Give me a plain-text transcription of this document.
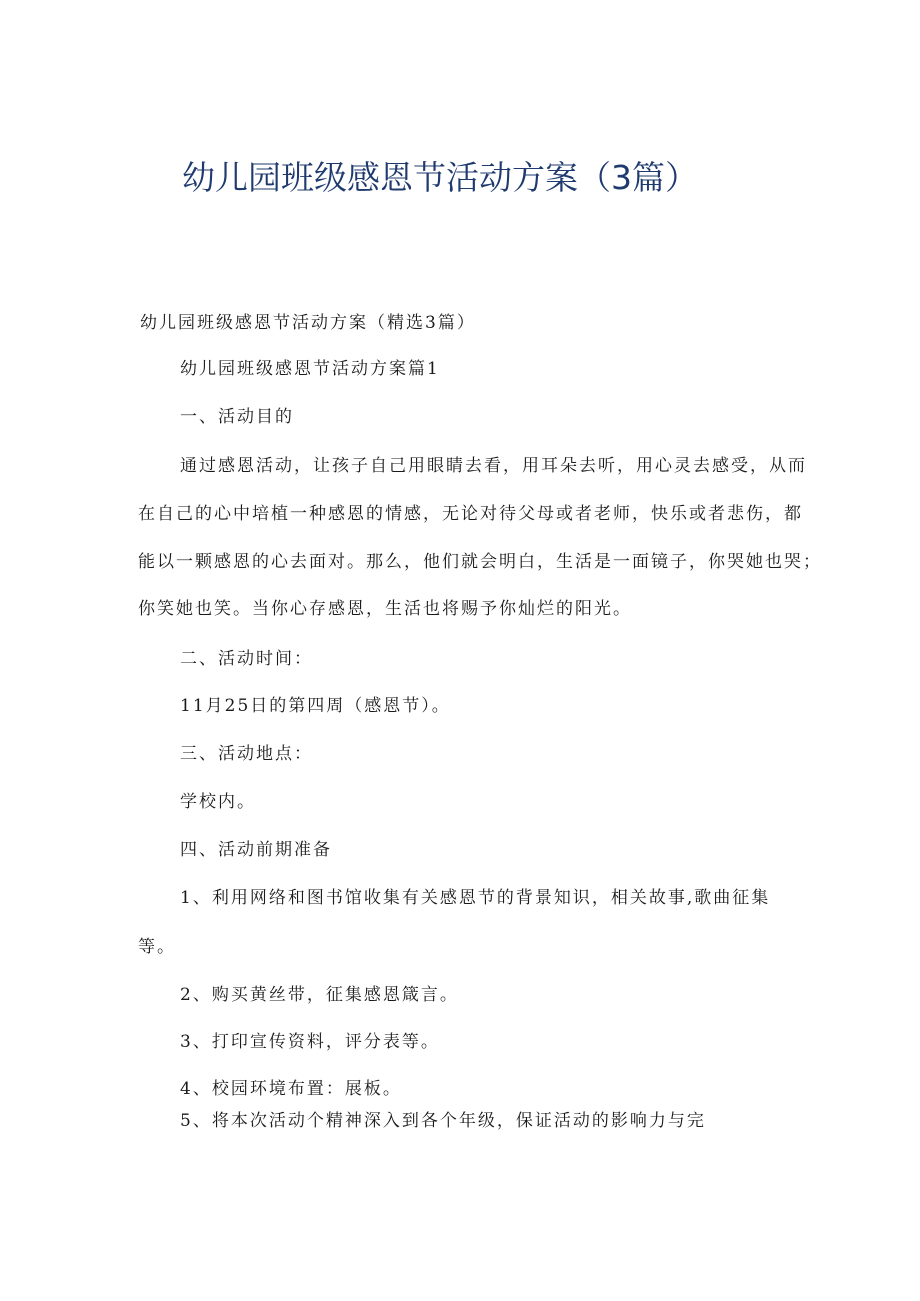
幼儿园班级感恩节活动方案（3篇）
幼儿园班级感恩节活动方案（精选3篇）
幼儿园班级感恩节活动方案篇1
一、活动目的
通过感恩活动，让孩子自己用眼睛去看，用耳朵去听，用心灵去感受，从而
在自己的心中培植一种感恩的情感，无论对待父母或者老师，快乐或者悲伤，都
能以一颗感恩的心去面对。那么，他们就会明白，生活是一面镜子，你哭她也哭；
你笑她也笑。当你心存感恩，生活也将赐予你灿烂的阳光。
二、活动时间：
11月25日的第四周（感恩节）。
三、活动地点：
学校内。
四、活动前期准备
1、利用网络和图书馆收集有关感恩节的背景知识，相关故事,歌曲征集
等。
2、购买黄丝带，征集感恩箴言。
3、打印宣传资料，评分表等。
4、校园环境布置：展板。
5、将本次活动个精神深入到各个年级，保证活动的影响力与完
